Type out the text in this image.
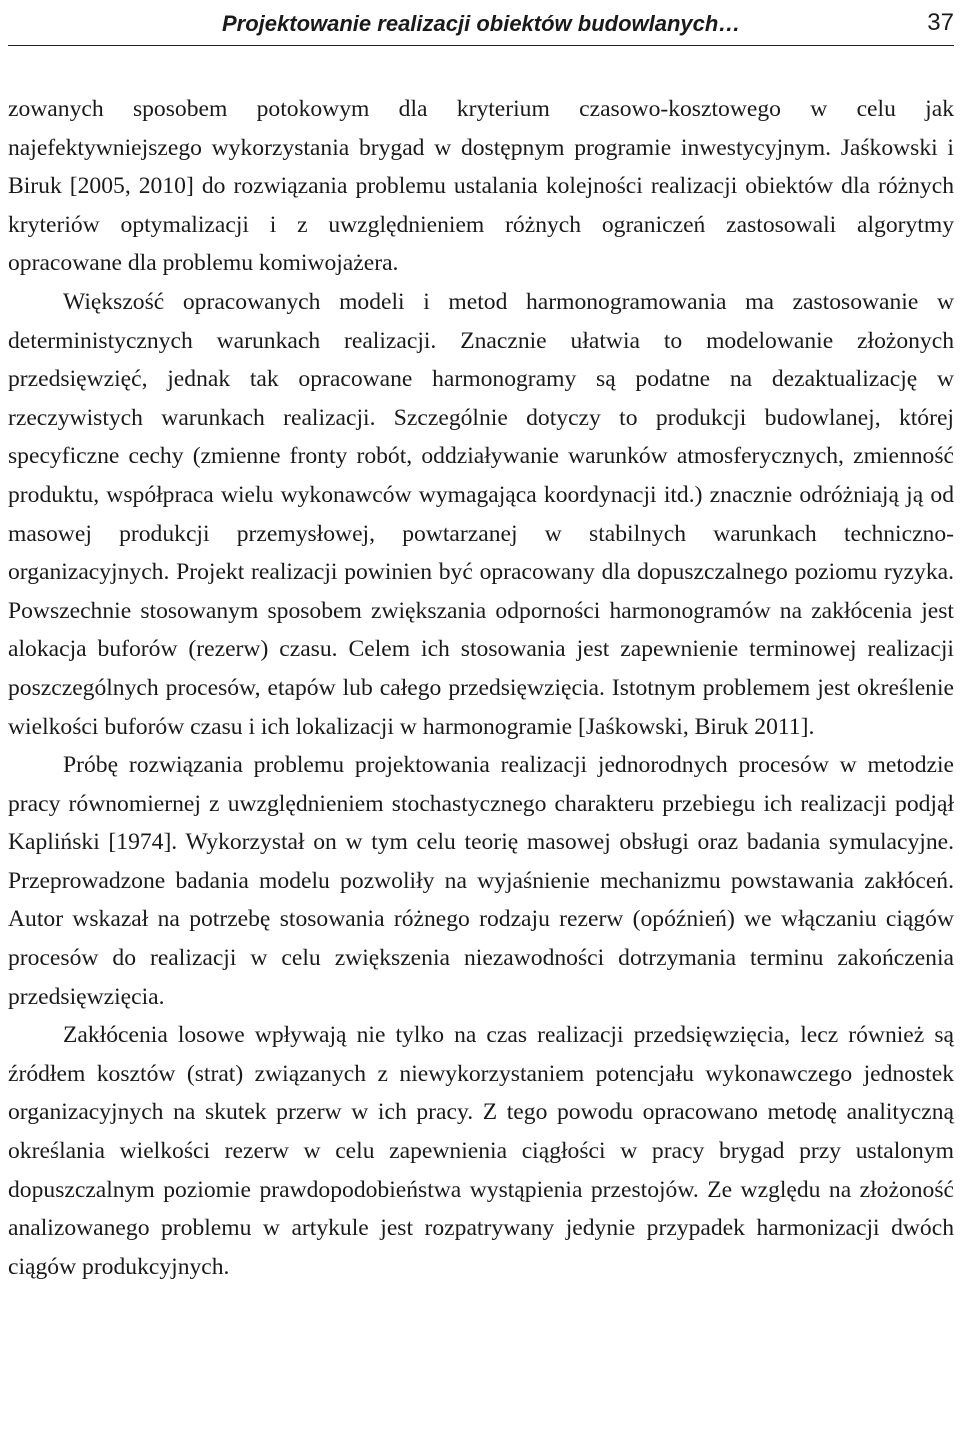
Projektowanie realizacji obiektów budowlanych…	37

zowanych sposobem potokowym dla kryterium czasowo-kosztowego w celu jak najefektywniejszego wykorzystania brygad w dostępnym programie inwestycyjnym. Jaśkowski i Biruk [2005, 2010] do rozwiązania problemu ustalania kolejności realizacji obiektów dla różnych kryteriów optymalizacji i z uwzględnieniem różnych ograniczeń zastosowali algorytmy opracowane dla problemu komiwojażera.

Większość opracowanych modeli i metod harmonogramowania ma zastosowanie w deterministycznych warunkach realizacji. Znacznie ułatwia to modelowanie złożonych przedsięwzięć, jednak tak opracowane harmonogramy są podatne na dezaktualizację w rzeczywistych warunkach realizacji. Szczególnie dotyczy to produkcji budowlanej, której specyficzne cechy (zmienne fronty robót, oddziaływanie warunków atmosferycznych, zmienność produktu, współpraca wielu wykonawców wymagająca koordynacji itd.) znacznie odróżniają ją od masowej produkcji przemysłowej, powtarzanej w stabilnych warunkach techniczno-organizacyjnych. Projekt realizacji powinien być opracowany dla dopuszczalnego poziomu ryzyka. Powszechnie stosowanym sposobem zwiększania odporności harmonogramów na zakłócenia jest alokacja buforów (rezerw) czasu. Celem ich stosowania jest zapewnienie terminowej realizacji poszczególnych procesów, etapów lub całego przedsięwzięcia. Istotnym problemem jest określenie wielkości buforów czasu i ich lokalizacji w harmonogramie [Jaśkowski, Biruk 2011].

Próbę rozwiązania problemu projektowania realizacji jednorodnych procesów w metodzie pracy równomiernej z uwzględnieniem stochastycznego charakteru przebiegu ich realizacji podjął Kapliński [1974]. Wykorzystał on w tym celu teorię masowej obsługi oraz badania symulacyjne. Przeprowadzone badania modelu pozwoliły na wyjaśnienie mechanizmu powstawania zakłóceń. Autor wskazał na potrzebę stosowania różnego rodzaju rezerw (opóźnień) we włączaniu ciągów procesów do realizacji w celu zwiększenia niezawodności dotrzymania terminu zakończenia przedsięwzięcia.

Zakłócenia losowe wpływają nie tylko na czas realizacji przedsięwzięcia, lecz również są źródłem kosztów (strat) związanych z niewykorzystaniem potencjału wykonawczego jednostek organizacyjnych na skutek przerw w ich pracy. Z tego powodu opracowano metodę analityczną określania wielkości rezerw w celu zapewnienia ciągłości w pracy brygad przy ustalonym dopuszczalnym poziomie prawdopodobieństwa wystąpienia przestojów. Ze względu na złożoność analizowanego problemu w artykule jest rozpatrywany jedynie przypadek harmonizacji dwóch ciągów produkcyjnych.
